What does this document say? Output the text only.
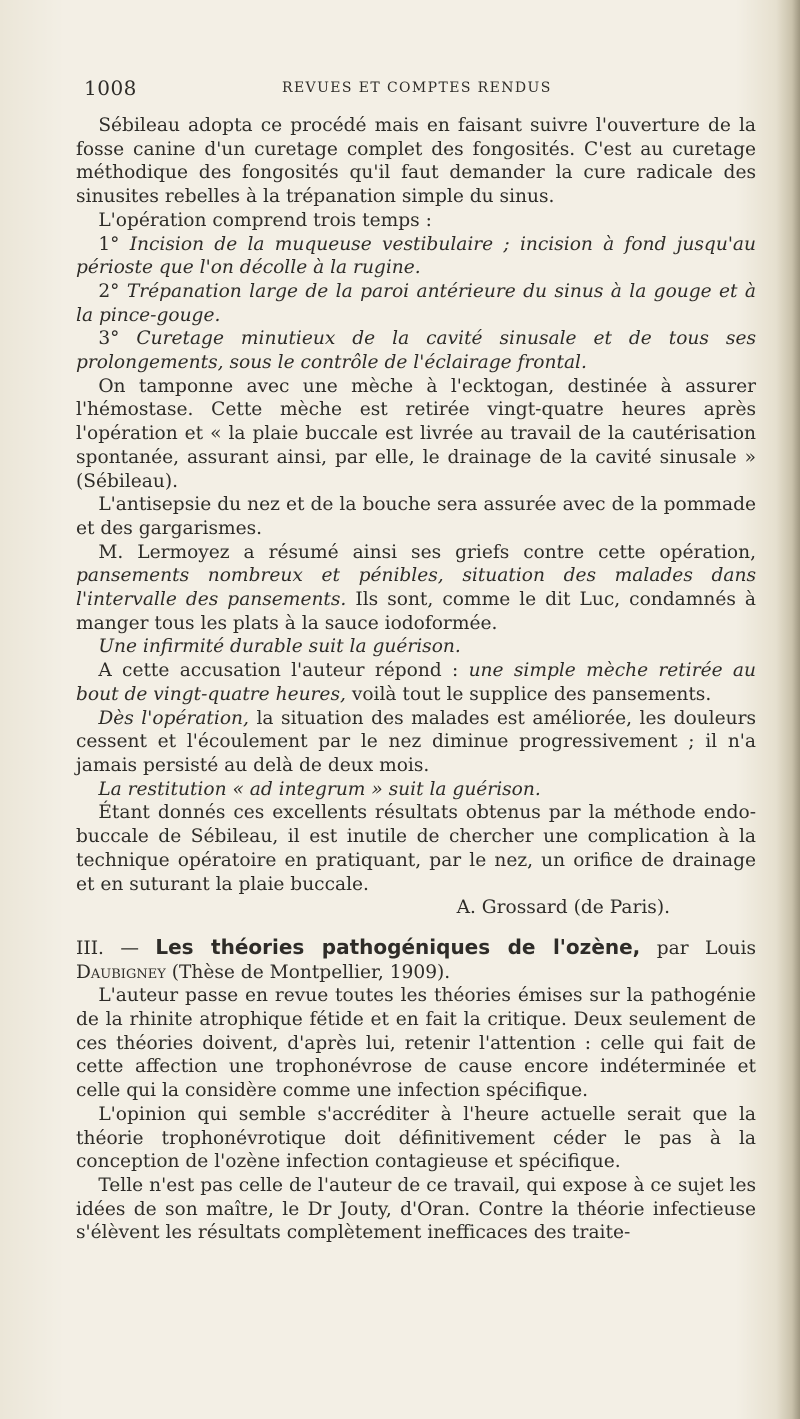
1008	REVUES ET COMPTES RENDUS

Sébileau adopta ce procédé mais en faisant suivre l'ouverture de la fosse canine d'un curetage complet des fongosités. C'est au curetage méthodique des fongosités qu'il faut demander la cure radicale des sinusites rebelles à la trépanation simple du sinus.

L'opération comprend trois temps :

1° Incision de la muqueuse vestibulaire ; incision à fond jusqu'au périoste que l'on décolle à la rugine.

2° Trépanation large de la paroi antérieure du sinus à la gouge et à la pince-gouge.

3° Curetage minutieux de la cavité sinusale et de tous ses prolongements, sous le contrôle de l'éclairage frontal.

On tamponne avec une mèche à l'ecktogan, destinée à assurer l'hémostase. Cette mèche est retirée vingt-quatre heures après l'opération et « la plaie buccale est livrée au travail de la cautérisation spontanée, assurant ainsi, par elle, le drainage de la cavité sinusale » (Sébileau).

L'antisepsie du nez et de la bouche sera assurée avec de la pommade et des gargarismes.

M. Lermoyez a résumé ainsi ses griefs contre cette opération, pansements nombreux et pénibles, situation des malades dans l'intervalle des pansements. Ils sont, comme le dit Luc, condamnés à manger tous les plats à la sauce iodoformée.

Une infirmité durable suit la guérison.

A cette accusation l'auteur répond : une simple mèche retirée au bout de vingt-quatre heures, voilà tout le supplice des pansements.

Dès l'opération, la situation des malades est améliorée, les douleurs cessent et l'écoulement par le nez diminue progressivement ; il n'a jamais persisté au delà de deux mois.

La restitution « ad integrum » suit la guérison.

Étant donnés ces excellents résultats obtenus par la méthode endo-buccale de Sébileau, il est inutile de chercher une complication à la technique opératoire en pratiquant, par le nez, un orifice de drainage et en suturant la plaie buccale.

A. Grossard (de Paris).

III. — Les théories pathogéniques de l'ozène, par Louis Daubigney (Thèse de Montpellier, 1909).

L'auteur passe en revue toutes les théories émises sur la pathogénie de la rhinite atrophique fétide et en fait la critique. Deux seulement de ces théories doivent, d'après lui, retenir l'attention : celle qui fait de cette affection une trophonévrose de cause encore indéterminée et celle qui la considère comme une infection spécifique.

L'opinion qui semble s'accréditer à l'heure actuelle serait que la théorie trophonévrotique doit définitivement céder le pas à la conception de l'ozène infection contagieuse et spécifique.

Telle n'est pas celle de l'auteur de ce travail, qui expose à ce sujet les idées de son maître, le Dr Jouty, d'Oran. Contre la théorie infectieuse s'élèvent les résultats complètement inefficaces des traite-
